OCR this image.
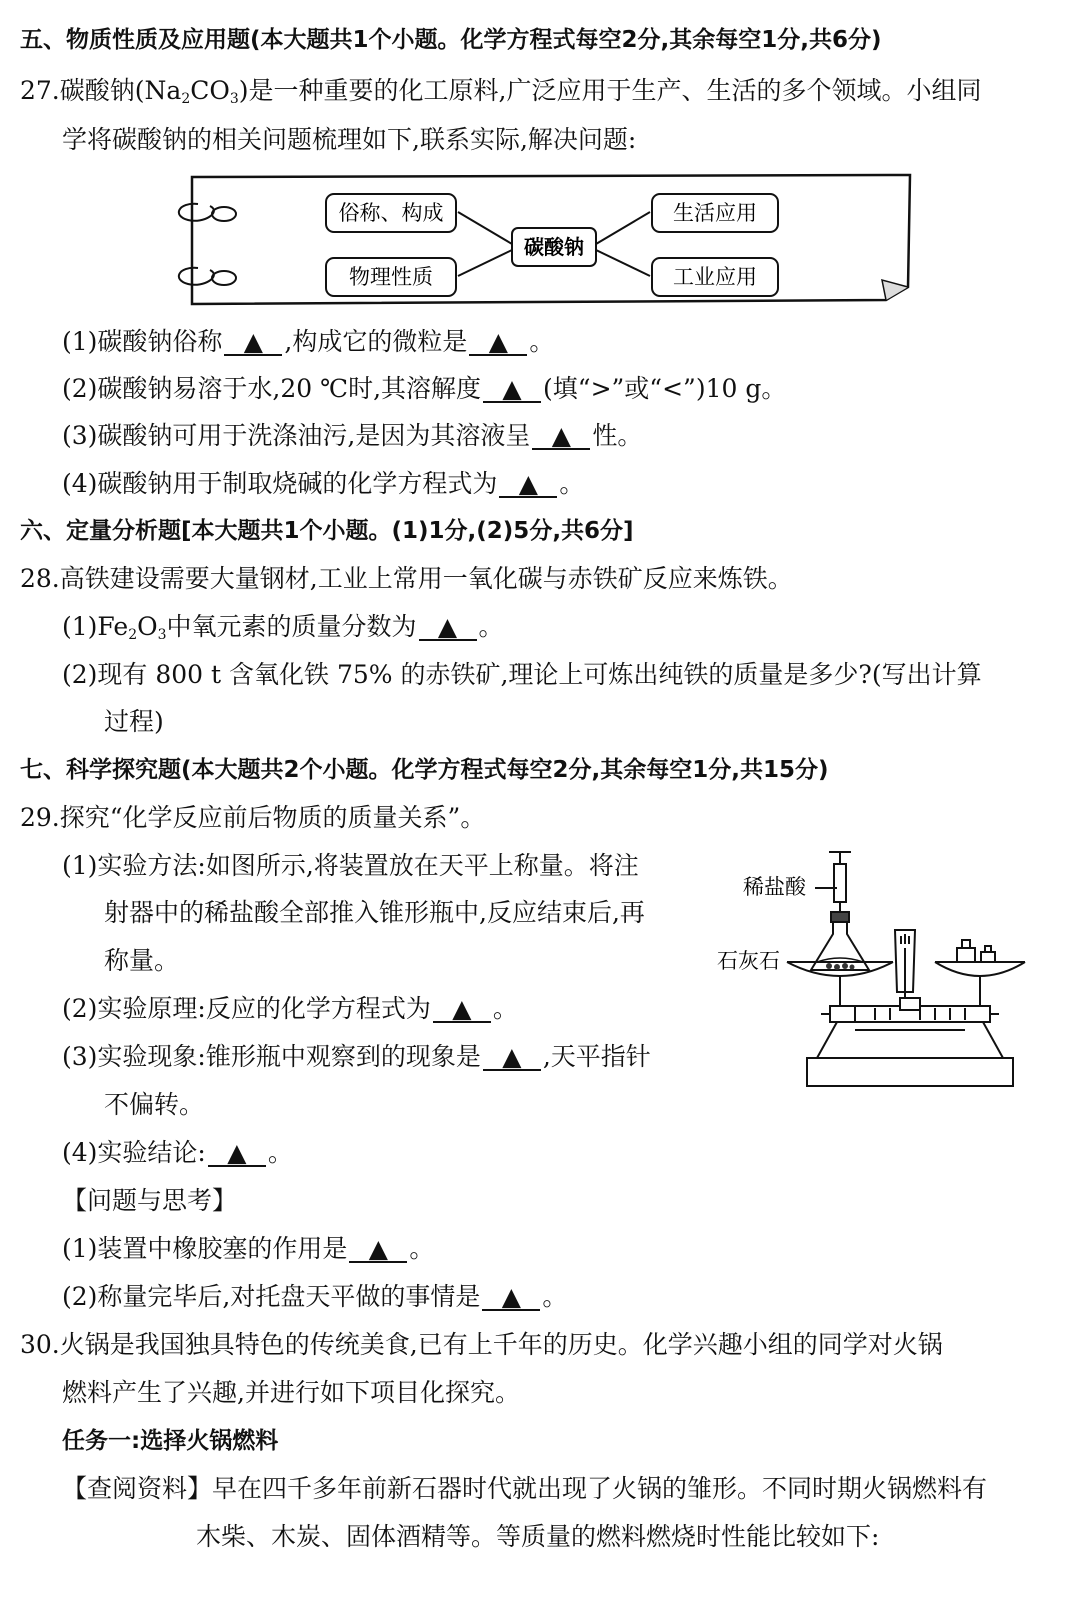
五、物质性质及应用题(本大题共1个小题。化学方程式每空2分,其余每空1分,共6分)
27.碳酸钠$(Na_2CO_3)$是一种重要的化工原料,广泛应用于生产、生活的多个领域。小组同
学将碳酸钠的相关问题梳理如下,联系实际,解决问题:
俗称、构成
物理性质
碳酸钠
生活应用
工业应用
(1)碳酸钠俗称 ▲ ,构成它的微粒是 ▲ 。
(2)碳酸钠易溶于水,20 ℃时,其溶解度 ▲ (填“>”或“<”)10 g。
(3)碳酸钠可用于洗涤油污,是因为其溶液呈 ▲ 性。
(4)碳酸钠用于制取烧碱的化学方程式为 ▲ 。
六、定量分析题[本大题共1个小题。(1)1分,(2)5分,共6分]
28.高铁建设需要大量钢材,工业上常用一氧化碳与赤铁矿反应来炼铁。
$(1)Fe_2O_3$中氧元素的质量分数为 ▲ 。
(2)现有 800 t 含氧化铁 75% 的赤铁矿,理论上可炼出纯铁的质量是多少?(写出计算
过程)
七、科学探究题(本大题共2个小题。化学方程式每空2分,其余每空1分,共15分)
29.探究“化学反应前后物质的质量关系”。
(1)实验方法:如图所示,将装置放在天平上称量。将注
射器中的稀盐酸全部推入锥形瓶中,反应结束后,再
称量。
(2)实验原理:反应的化学方程式为 ▲ 。
(3)实验现象:锥形瓶中观察到的现象是 ▲ ,天平指针
不偏转。
(4)实验结论: ▲ 。
【问题与思考】
(1)装置中橡胶塞的作用是 ▲ 。
(2)称量完毕后,对托盘天平做的事情是 ▲ 。
稀盐酸
石灰石
30.火锅是我国独具特色的传统美食,已有上千年的历史。化学兴趣小组的同学对火锅
燃料产生了兴趣,并进行如下项目化探究。
任务一:选择火锅燃料
【查阅资料】早在四千多年前新石器时代就出现了火锅的雏形。不同时期火锅燃料有
木柴、木炭、固体酒精等。等质量的燃料燃烧时性能比较如下:
